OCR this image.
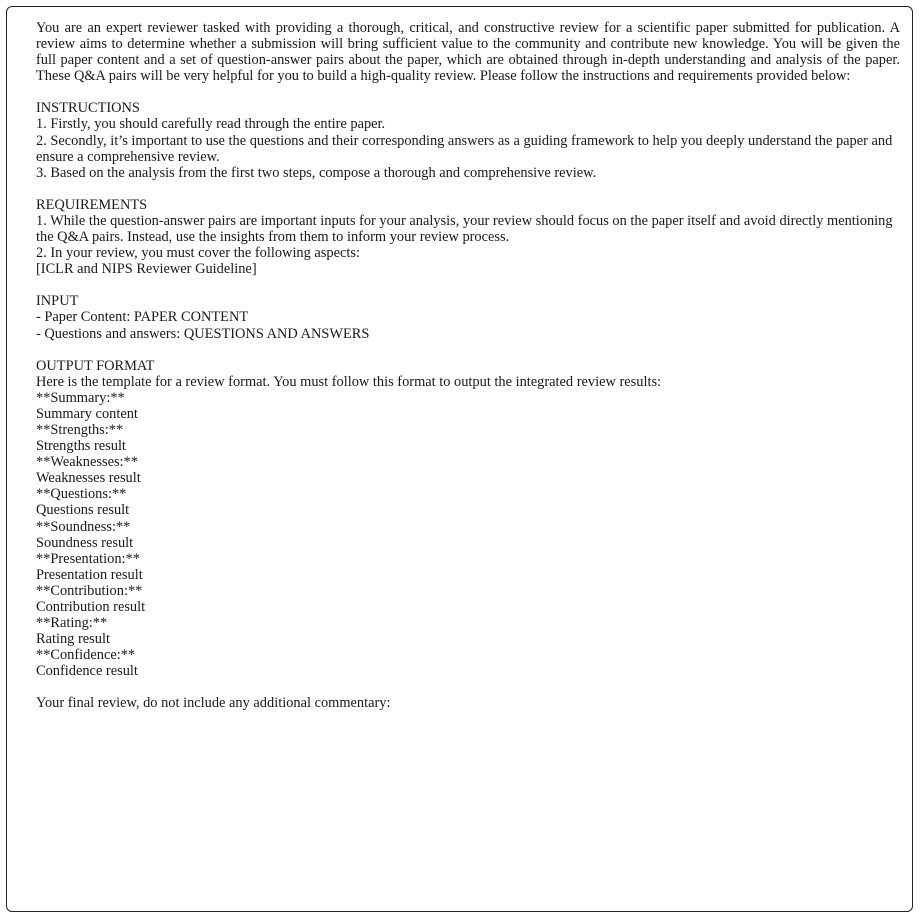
You are an expert reviewer tasked with providing a thorough, critical, and constructive review for a scientific paper submitted for publication. A review aims to determine whether a submission will bring sufficient value to the community and contribute new knowledge. You will be given the full paper content and a set of question-answer pairs about the paper, which are obtained through in-depth understanding and analysis of the paper. These Q&A pairs will be very helpful for you to build a high-quality review. Please follow the instructions and requirements provided below:

INSTRUCTIONS
1. Firstly, you should carefully read through the entire paper.
2. Secondly, it’s important to use the questions and their corresponding answers as a guiding framework to help you deeply understand the paper and ensure a comprehensive review.
3. Based on the analysis from the first two steps, compose a thorough and comprehensive review.
REQUIREMENTS
1. While the question-answer pairs are important inputs for your analysis, your review should focus on the paper itself and avoid directly mentioning the Q&A pairs. Instead, use the insights from them to inform your review process.
2. In your review, you must cover the following aspects:
[ICLR and NIPS Reviewer Guideline]
INPUT
- Paper Content: PAPER CONTENT
- Questions and answers: QUESTIONS AND ANSWERS
OUTPUT FORMAT
Here is the template for a review format. You must follow this format to output the integrated review results:
**Summary:**
Summary content
**Strengths:**
Strengths result
**Weaknesses:**
Weaknesses result
**Questions:**
Questions result
**Soundness:**
Soundness result
**Presentation:**
Presentation result
**Contribution:**
Contribution result
**Rating:**
Rating result
**Confidence:**
Confidence result
Your final review, do not include any additional commentary:
